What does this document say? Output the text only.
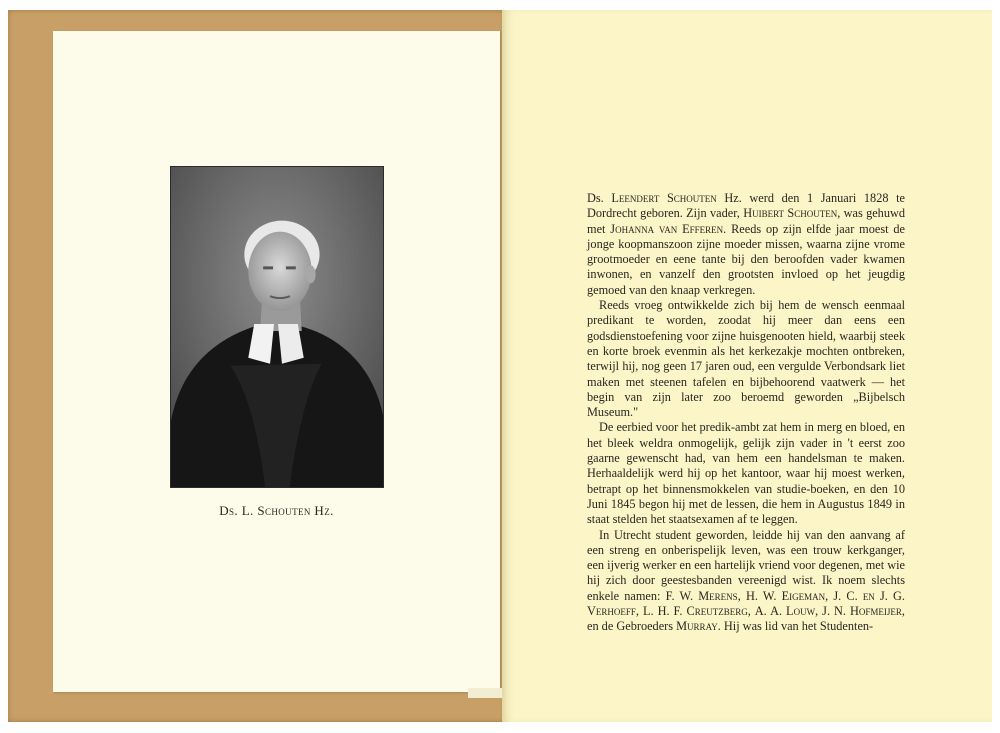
Ds. L. Schouten Hz.

Ds. Leendert Schouten Hz. werd den 1 Januari 1828 te Dordrecht geboren. Zijn vader, Huibert Schouten, was gehuwd met Johanna van Efferen. Reeds op zijn elfde jaar moest de jonge koopmanszoon zijne moeder missen, waarna zijne vrome grootmoeder en eene tante bij den beroofden vader kwamen inwonen, en vanzelf den grootsten invloed op het jeugdig gemoed van den knaap verkregen.

Reeds vroeg ontwikkelde zich bij hem de wensch eenmaal predikant te worden, zoodat hij meer dan eens een godsdienstoefening voor zijne huisgenooten hield, waarbij steek en korte broek evenmin als het kerkezakje mochten ontbreken, terwijl hij, nog geen 17 jaren oud, een vergulde Verbondsark liet maken met steenen tafelen en bijbehoorend vaatwerk — het begin van zijn later zoo beroemd geworden „Bijbelsch Museum."

De eerbied voor het predik-ambt zat hem in merg en bloed, en het bleek weldra onmogelijk, gelijk zijn vader in 't eerst zoo gaarne gewenscht had, van hem een handelsman te maken. Herhaaldelijk werd hij op het kantoor, waar hij moest werken, betrapt op het binnensmokkelen van studie-boeken, en den 10 Juni 1845 begon hij met de lessen, die hem in Augustus 1849 in staat stelden het staatsexamen af te leggen.

In Utrecht student geworden, leidde hij van den aanvang af een streng en onberispelijk leven, was een trouw kerkganger, een ijverig werker en een hartelijk vriend voor degenen, met wie hij zich door geestesbanden vereenigd wist. Ik noem slechts enkele namen: F. W. Merens, H. W. Eigeman, J. C. en J. G. Verhoeff, L. H. F. Creutzberg, A. A. Louw, J. N. Hofmeijer, en de Gebroeders Murray. Hij was lid van het Studenten-
